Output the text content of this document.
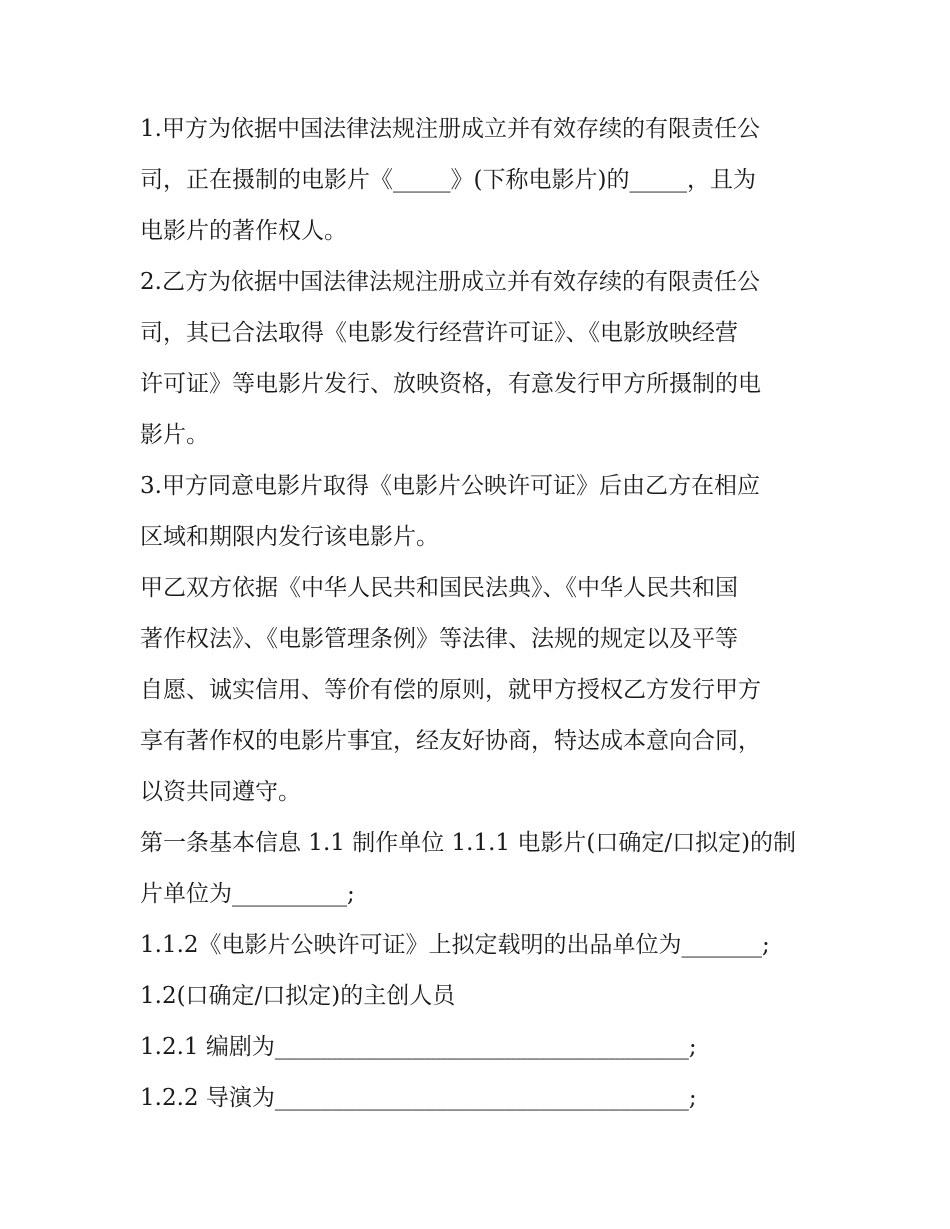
1.甲方为依据中国法律法规注册成立并有效存续的有限责任公
司，正在摄制的电影片《_____》(下称电影片)的_____，且为
电影片的著作权人。
2.乙方为依据中国法律法规注册成立并有效存续的有限责任公
司，其已合法取得《电影发行经营许可证》、《电影放映经营
许可证》等电影片发行、放映资格，有意发行甲方所摄制的电
影片。
3.甲方同意电影片取得《电影片公映许可证》后由乙方在相应
区域和期限内发行该电影片。
甲乙双方依据《中华人民共和国民法典》、《中华人民共和国
著作权法》、《电影管理条例》等法律、法规的规定以及平等
自愿、诚实信用、等价有偿的原则，就甲方授权乙方发行甲方
享有著作权的电影片事宜，经友好协商，特达成本意向合同，
以资共同遵守。
第一条基本信息 1.1 制作单位 1.1.1 电影片(口确定/口拟定)的制
片单位为__________;
1.1.2《电影片公映许可证》上拟定载明的出品单位为_______;
1.2(口确定/口拟定)的主创人员
1.2.1 编剧为____________________________________;
1.2.2 导演为____________________________________;
